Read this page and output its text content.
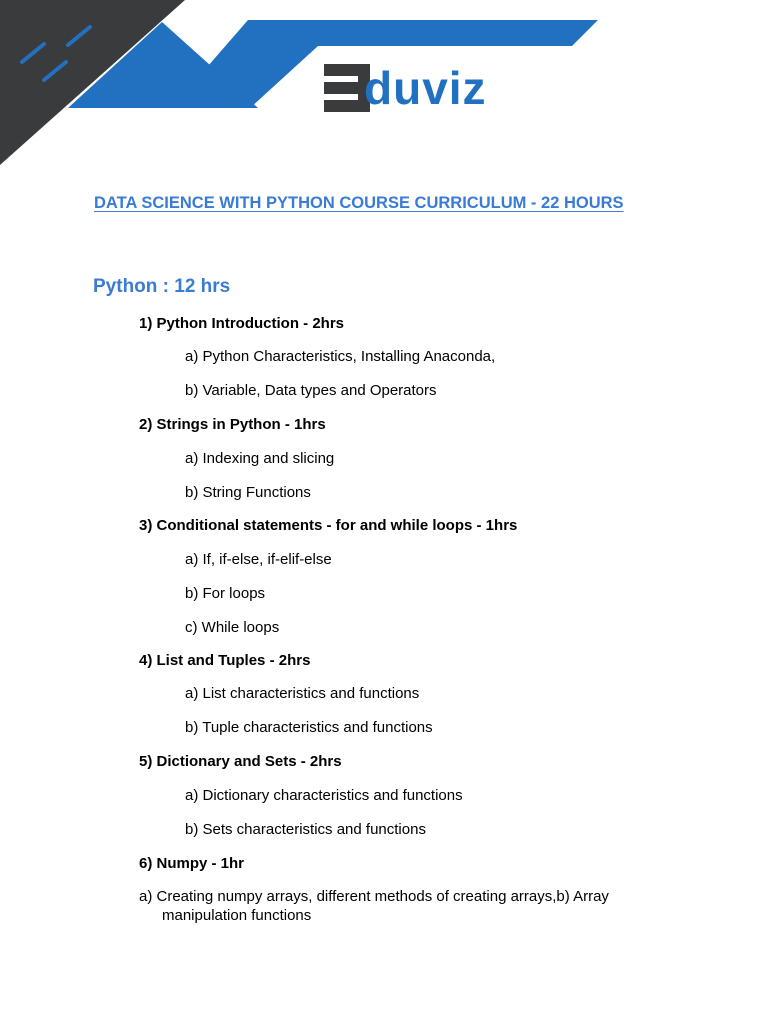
duviz
DATA SCIENCE WITH PYTHON COURSE CURRICULUM - 22 HOURS
Python : 12 hrs

1) Python Introduction - 2hrs

a) Python Characteristics, Installing Anaconda,

b) Variable, Data types and Operators

2) Strings in Python - 1hrs

a) Indexing and slicing

b) String Functions

3) Conditional statements - for and while loops - 1hrs

a) If, if-else, if-elif-else

b) For loops

c) While loops

4) List and Tuples - 2hrs

a) List characteristics and functions

b) Tuple characteristics and functions

5) Dictionary and Sets - 2hrs

a) Dictionary characteristics and functions

b) Sets characteristics and functions

6) Numpy - 1hr

a) Creating numpy arrays, different methods of creating arrays,b) Array
manipulation functions
